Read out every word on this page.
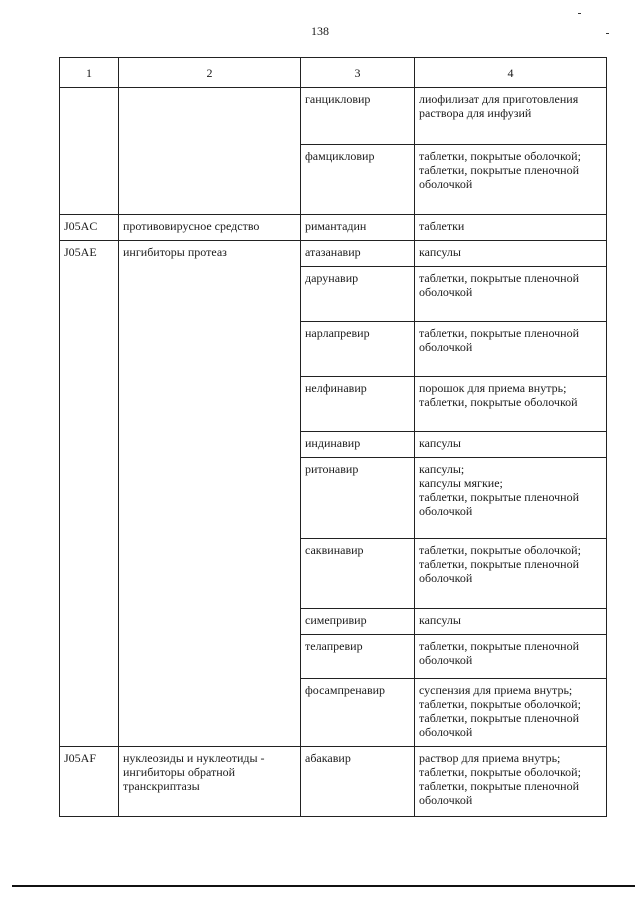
138
1	2	3	4
		ганцикловир	лиофилизат для приготовления
раствора для инфузий
		фамцикловир	таблетки, покрытые оболочкой;
таблетки, покрытые пленочной
оболочкой
J05AC	противовирусное средство	римантадин	таблетки
J05AE	ингибиторы протеаз	атазанавир	капсулы
		дарунавир	таблетки, покрытые пленочной
оболочкой
		нарлапревир	таблетки, покрытые пленочной
оболочкой
		нелфинавир	порошок для приема внутрь;
таблетки, покрытые оболочкой
		индинавир	капсулы
		ритонавир	капсулы;
капсулы мягкие;
таблетки, покрытые пленочной
оболочкой
		саквинавир	таблетки, покрытые оболочкой;
таблетки, покрытые пленочной
оболочкой
		симепривир	капсулы
		телапревир	таблетки, покрытые пленочной
оболочкой
		фосампренавир	суспензия для приема внутрь;
таблетки, покрытые оболочкой;
таблетки, покрытые пленочной
оболочкой
J05AF	нуклеозиды и нуклеотиды -
ингибиторы обратной
транскриптазы	абакавир	раствор для приема внутрь;
таблетки, покрытые оболочкой;
таблетки, покрытые пленочной
оболочкой
